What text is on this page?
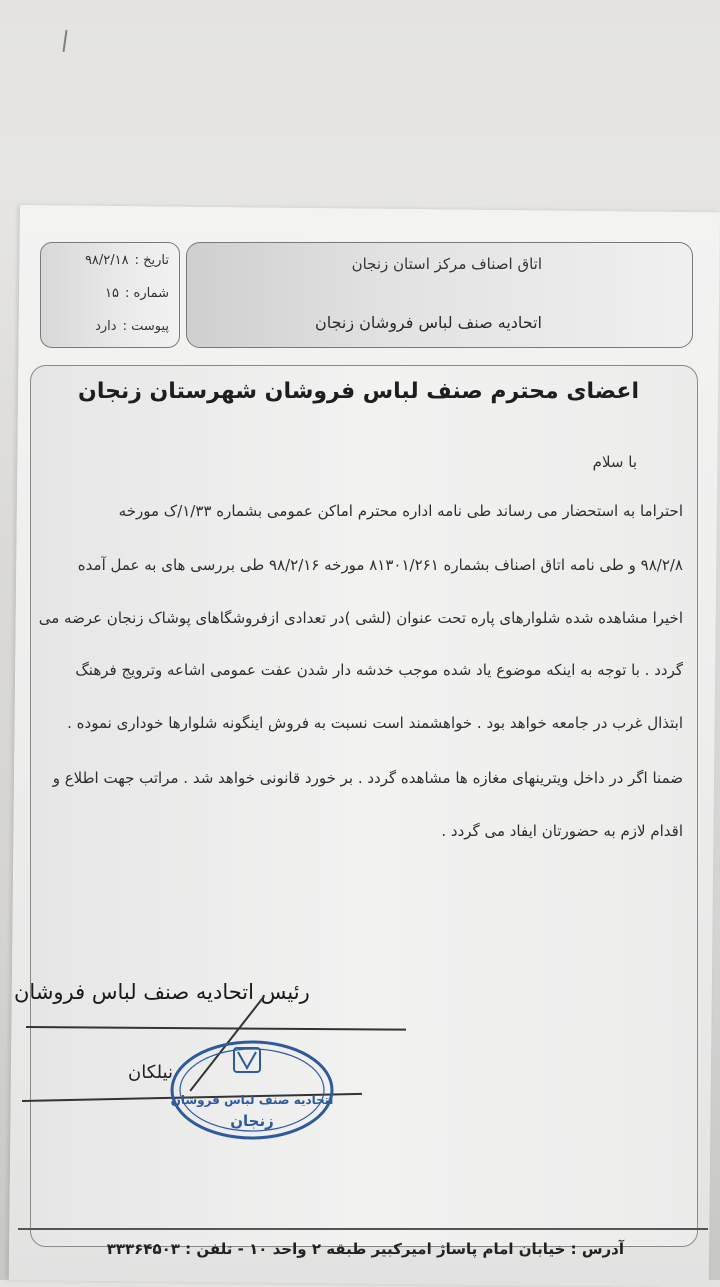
تاریخ :۹۸/۲/۱۸
شماره :۱۵
پیوست :دارد
اتاق اصناف مرکز استان زنجان
اتحادیه صنف لباس فروشان زنجان
اعضای محترم صنف لباس فروشان شهرستان زنجان
با سلام
احتراما به استحضار می رساند طی نامه اداره محترم اماکن عمومی بشماره ۱/۳۳/ک مورخه
۹۸/۲/۸ و طی نامه اتاق اصناف بشماره ۸۱۳۰۱/۲۶۱ مورخه ۹۸/۲/۱۶ طی بررسی های به عمل آمده
اخیرا مشاهده شده شلوارهای پاره تحت عنوان (لشی )در تعدادی ازفروشگاهای پوشاک زنجان عرضه می
گردد . با توجه به اینکه موضوع یاد شده موجب خدشه دار شدن عفت عمومی اشاعه وترویج فرهنگ
ابتذال غرب در جامعه خواهد بود . خواهشمند است نسبت به فروش اینگونه شلوارها خوداری نموده .
ضمنا اگر در داخل ویترینهای مغازه ها مشاهده گردد . بر خورد قانونی خواهد شد . مراتب جهت اطلاع و
اقدام لازم به حضورتان ایفاد می گردد .
رئیس اتحادیه صنف لباس فروشان
نیلکان
اتحادیه صنف لباس فروشان
زنجان
آدرس : خیابان امام پاساژ امیرکبیر طبقه ۲ واحد ۱۰ - تلفن : ۳۳۳۶۴۵۰۳
